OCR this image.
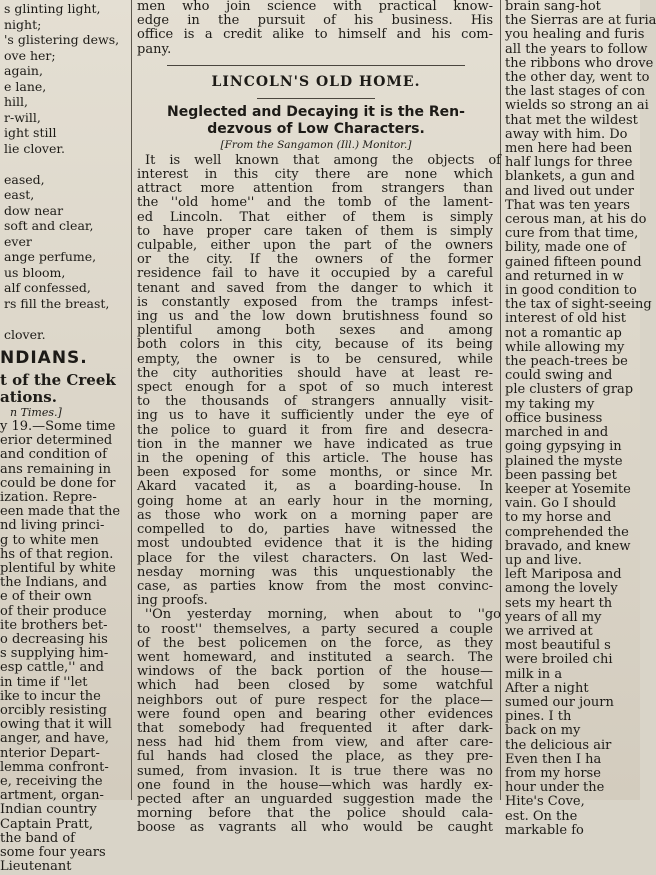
s glinting light,
night;
's glistering dews,
ove her;
again,
e lane,
hill,
r-will,
ight still
lie clover.

eased,
east,
dow near
soft and clear,
ever
ange perfume,
us bloom,
alf confessed,
rs fill the breast,

clover.
NDIANS.
t of the Creek
ations.
n Times.]
y 19.—Some time
erior determined
and condition of
ans remaining in
could be done for
ization. Repre-
een made that the
nd living princi-
g to white men
hs of that region.
plentiful by white
the Indians, and
e of their own
of their produce
ite brothers bet-
o decreasing his
s supplying him-
esp cattle,'' and
in time if ''let
ike to incur the
orcibly resisting
owing that it will
anger, and have,
nterior Depart-
lemma confront-
e, receiving the
artment, organ-
Indian country
Captain Pratt,
the band of
some four years
Lieutenant
men who join science with practical know-
edge in the pursuit of his business. His
office is a credit alike to himself and his com-
pany.
LINCOLN'S OLD HOME.
Neglected and Decaying it is the Ren-
dezvous of Low Characters.
[From the Sangamon (Ill.) Monitor.]
It is well known that among the objects of
interest in this city there are none which
attract more attention from strangers than
the ''old home'' and the tomb of the lament-
ed Lincoln. That either of them is simply
to have proper care taken of them is simply
culpable, either upon the part of the owners
or the city. If the owners of the former
residence fail to have it occupied by a careful
tenant and saved from the danger to which it
is constantly exposed from the tramps infest-
ing us and the low down brutishness found so
plentiful among both sexes and among
both colors in this city, because of its being
empty, the owner is to be censured, while
the city authorities should have at least re-
spect enough for a spot of so much interest
to the thousands of strangers annually visit-
ing us to have it sufficiently under the eye of
the police to guard it from fire and desecra-
tion in the manner we have indicated as true
in the opening of this article. The house has
been exposed for some months, or since Mr.
Akard vacated it, as a boarding-house. In
going home at an early hour in the morning,
as those who work on a morning paper are
compelled to do, parties have witnessed the
most undoubted evidence that it is the hiding
place for the vilest characters. On last Wed-
nesday morning was this unquestionably the
case, as parties know from the most convinc-
ing proofs.
''On yesterday morning, when about to ''go
to roost'' themselves, a party secured a couple
of the best policemen on the force, as they
went homeward, and instituted a search. The
windows of the back portion of the house—
which had been closed by some watchful
neighbors out of pure respect for the place—
were found open and bearing other evidences
that somebody had frequented it after dark-
ness had hid them from view, and after care-
ful hands had closed the place, as they pre-
sumed, from invasion. It is true there was no
one found in the house—which was hardly ex-
pected after an unguarded suggestion made the
morning before that the police should cala-
boose as vagrants all who would be caught
brain sang-hot
the Sierras are at furia
you healing and furis
all the years to follow
the ribbons who drove
the other day, went to
the last stages of con
wields so strong an ai
that met the wildest
away with him. Do
men here had been
half lungs for three
blankets, a gun and
and lived out under
That was ten years
cerous man, at his do
cure from that time,
bility, made one of
gained fifteen pound
and returned in w
in good condition to
the tax of sight-seeing
interest of old hist
not a romantic ap
while allowing my
the peach-trees be
could swing and
ple clusters of grap
my taking my
office business
marched in and
going gypsying in
plained the myste
been passing bet
keeper at Yosemite
vain. Go I should
to my horse and
comprehended the
bravado, and knew
up and live.
left Mariposa and
among the lovely
sets my heart th
years of all my
we arrived at
most beautiful s
were broiled chi
milk in a
After a night
sumed our journ
pines. I th
back on my
the delicious air
Even then I ha
from my horse
hour under the
Hite's Cove,
est. On the
markable fo
